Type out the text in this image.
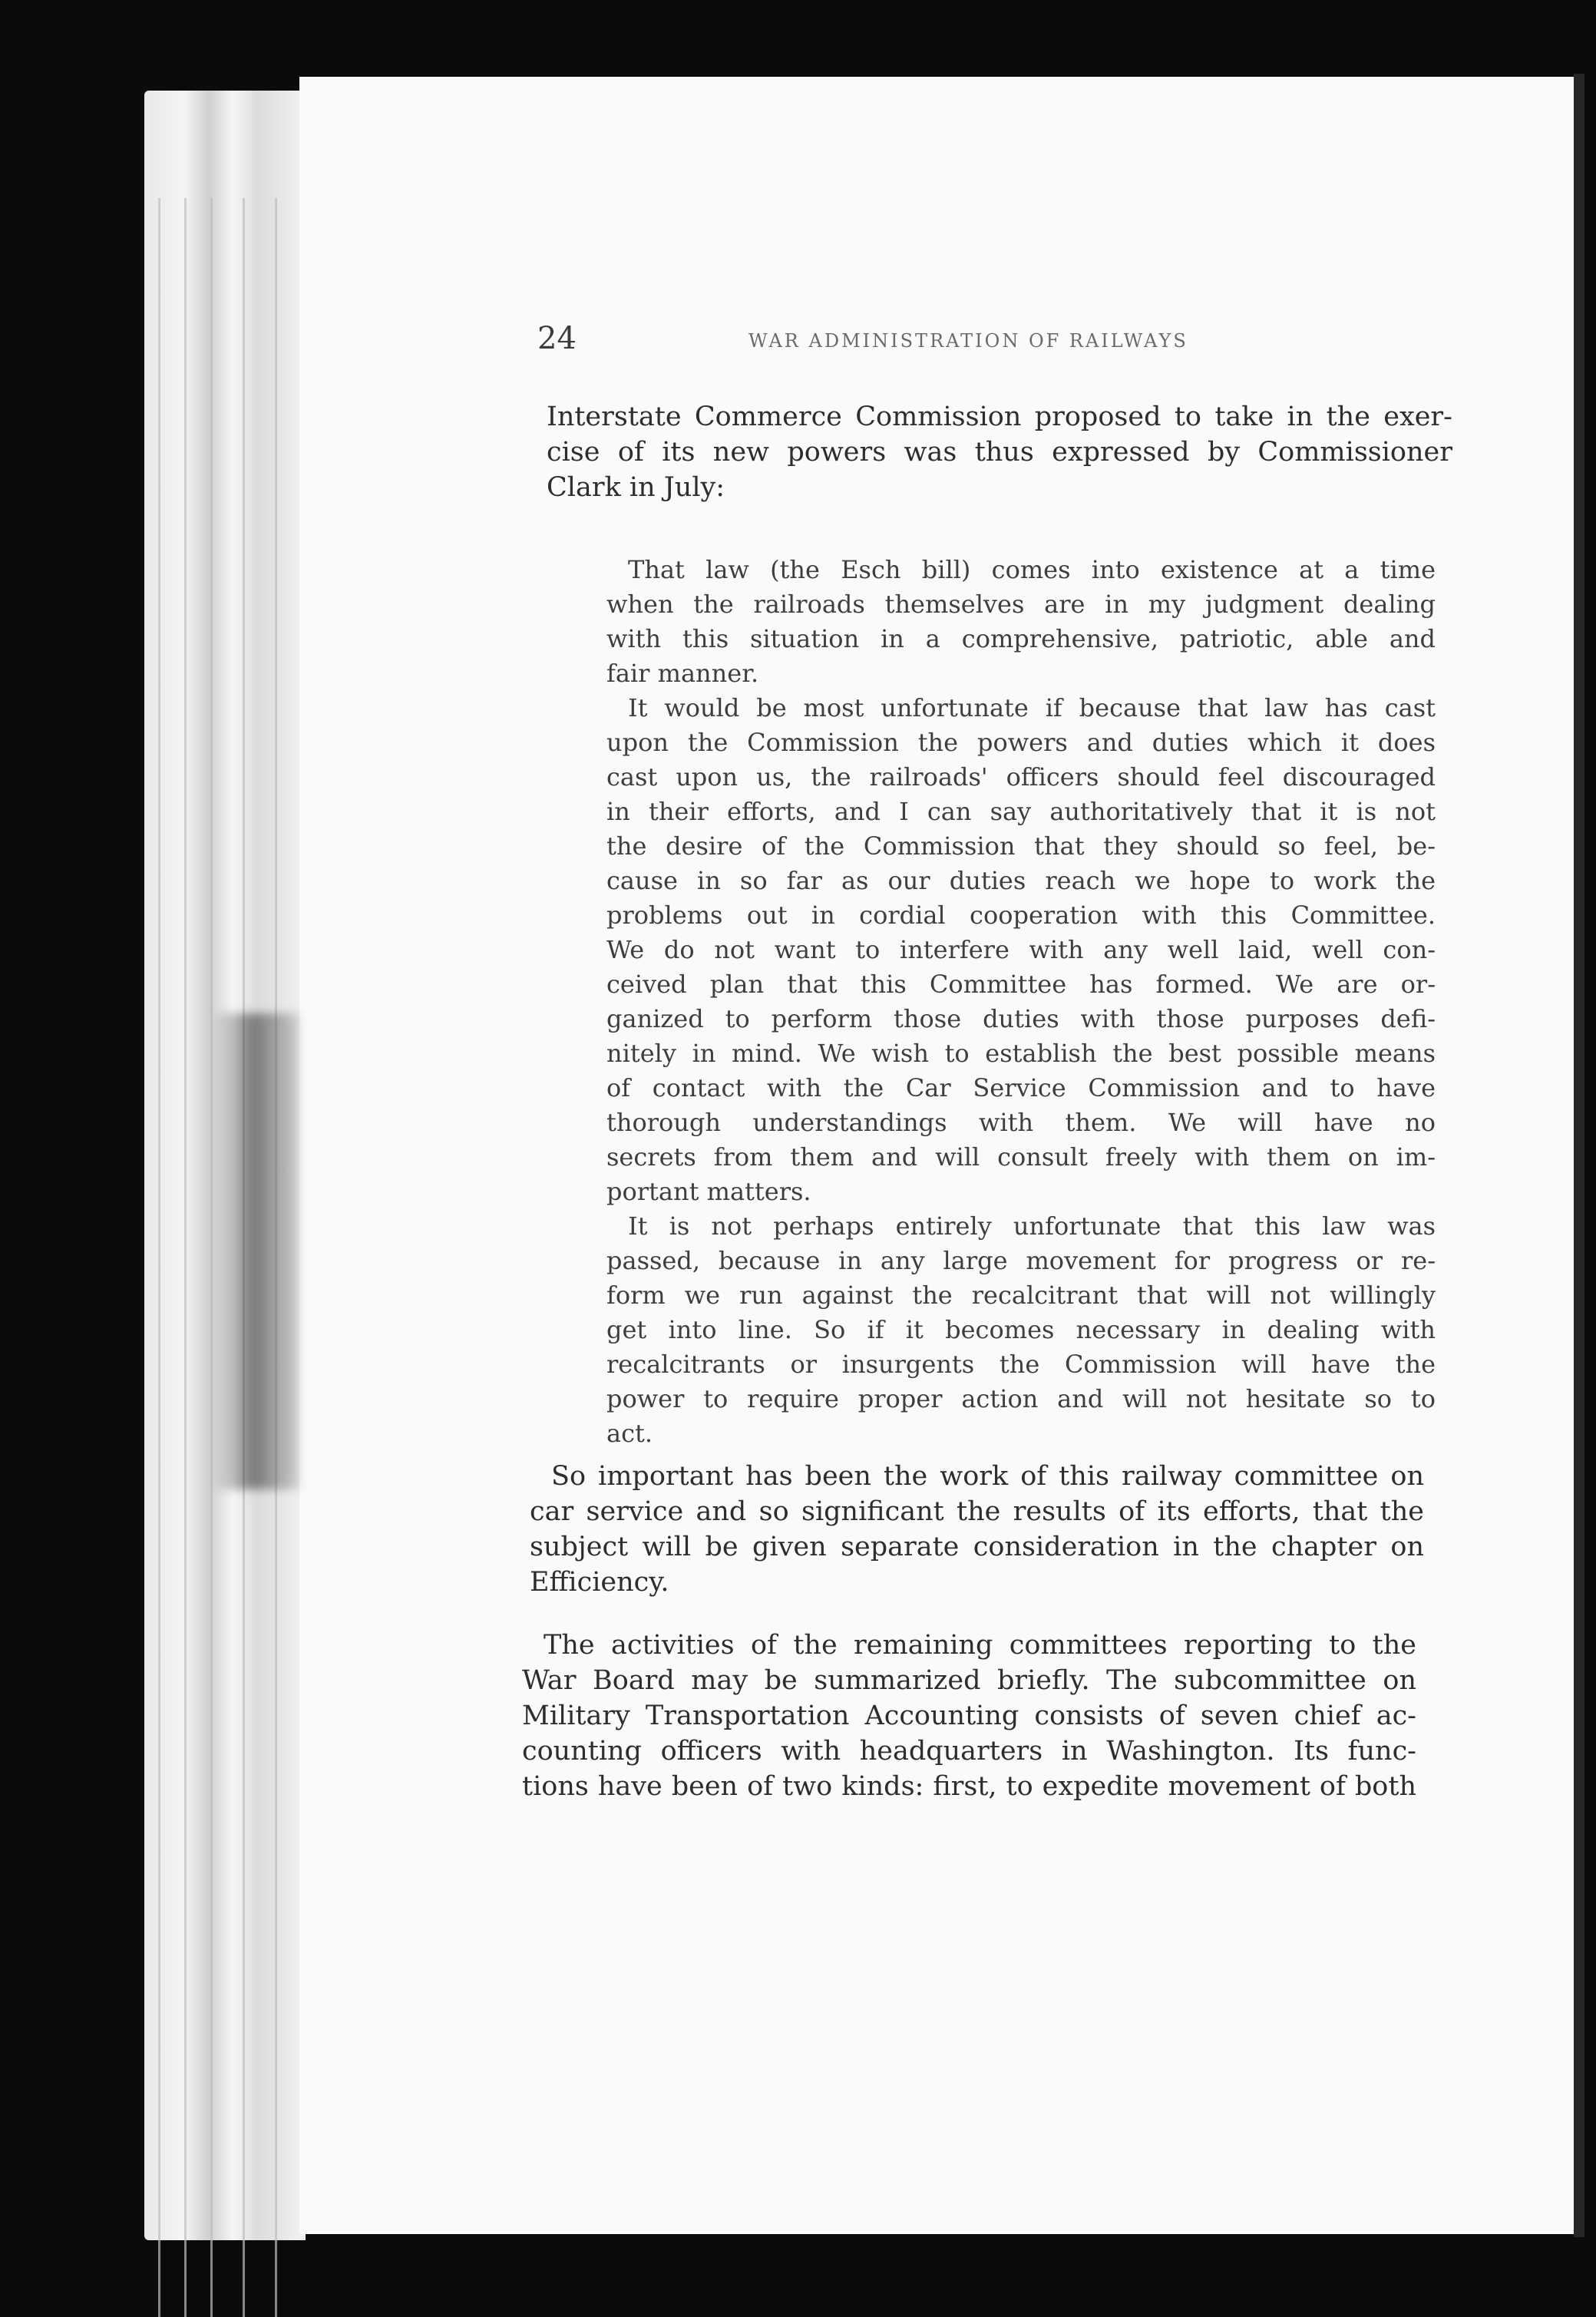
24	WAR ADMINISTRATION OF RAILWAYS
Interstate Commerce Commission proposed to take in the exer-
cise of its new powers was thus expressed by Commissioner
Clark in July:
That law (the Esch bill) comes into existence at a time
when the railroads themselves are in my judgment dealing
with this situation in a comprehensive, patriotic, able and
fair manner.
It would be most unfortunate if because that law has cast
upon the Commission the powers and duties which it does
cast upon us, the railroads' officers should feel discouraged
in their efforts, and I can say authoritatively that it is not
the desire of the Commission that they should so feel, be-
cause in so far as our duties reach we hope to work the
problems out in cordial cooperation with this Committee.
We do not want to interfere with any well laid, well con-
ceived plan that this Committee has formed. We are or-
ganized to perform those duties with those purposes defi-
nitely in mind. We wish to establish the best possible means
of contact with the Car Service Commission and to have
thorough understandings with them. We will have no
secrets from them and will consult freely with them on im-
portant matters.
It is not perhaps entirely unfortunate that this law was
passed, because in any large movement for progress or re-
form we run against the recalcitrant that will not willingly
get into line. So if it becomes necessary in dealing with
recalcitrants or insurgents the Commission will have the
power to require proper action and will not hesitate so to
act.
So important has been the work of this railway committee on
car service and so significant the results of its efforts, that the
subject will be given separate consideration in the chapter on
Efficiency.
The activities of the remaining committees reporting to the
War Board may be summarized briefly. The subcommittee on
Military Transportation Accounting consists of seven chief ac-
counting officers with headquarters in Washington. Its func-
tions have been of two kinds: first, to expedite movement of both
